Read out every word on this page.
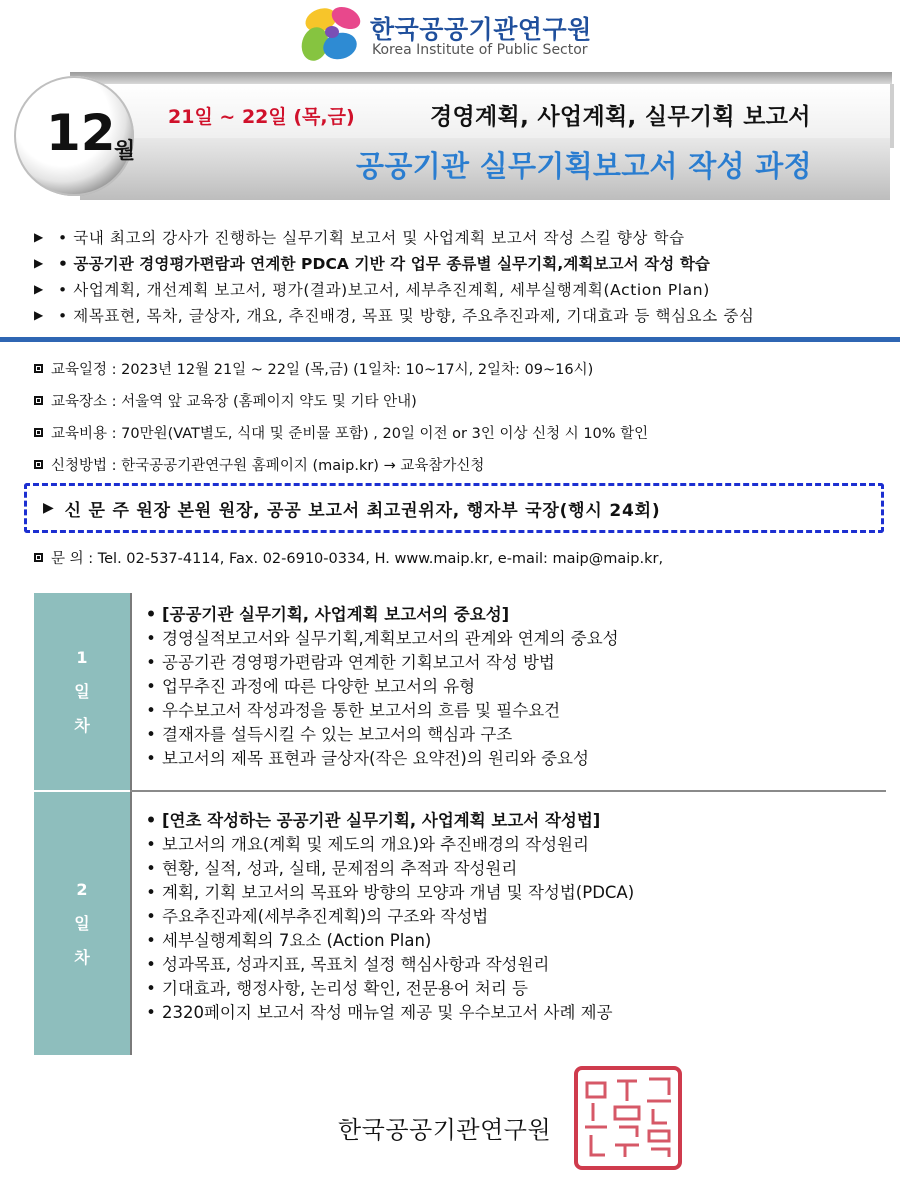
한국공공기관연구원
Korea Institute of Public Sector
12
월
21일 ~ 22일 (목,금)	경영계획, 사업계획, 실무기획 보고서
공공기관 실무기획보고서 작성 과정
▶ • 국내 최고의 강사가 진행하는 실무기획 보고서 및 사업계획 보고서 작성 스킬 향상 학습
▶ • 공공기관 경영평가편람과 연계한 PDCA 기반 각 업무 종류별 실무기획,계획보고서 작성 학습
▶ • 사업계획, 개선계획 보고서, 평가(결과)보고서, 세부추진계획, 세부실행계획(Action Plan)
▶ • 제목표현, 목차, 글상자, 개요, 추진배경, 목표 및 방향, 주요추진과제, 기대효과 등 핵심요소 중심
교육일정 : 2023년 12월 21일 ~ 22일 (목,금) (1일차: 10~17시, 2일차: 09~16시)
교육장소 : 서울역 앞 교육장 (홈페이지 약도 및 기타 안내)
교육비용 : 70만원(VAT별도, 식대 및 준비물 포함) , 20일 이전 or 3인 이상 신청 시 10% 할인
신청방법 : 한국공공기관연구원 홈페이지 (maip.kr) → 교육참가신청
▶ 신 문 주 원장 본원 원장, 공공 보고서 최고권위자, 행자부 국장(행시 24회)
문 의 : Tel. 02-537-4114, Fax. 02-6910-0334, H. www.maip.kr, e-mail: maip@maip.kr,
1
일
차
• [공공기관 실무기획, 사업계획 보고서의 중요성]
• 경영실적보고서와 실무기획,계획보고서의 관계와 연계의 중요성
• 공공기관 경영평가편람과 연계한 기획보고서 작성 방법
• 업무추진 과정에 따른 다양한 보고서의 유형
• 우수보고서 작성과정을 통한 보고서의 흐름 및 필수요건
• 결재자를 설득시킬 수 있는 보고서의 핵심과 구조
• 보고서의 제목 표현과 글상자(작은 요약전)의 원리와 중요성
2
일
차
• [연초 작성하는 공공기관 실무기획, 사업계획 보고서 작성법]
• 보고서의 개요(계획 및 제도의 개요)와 추진배경의 작성원리
• 현황, 실적, 성과, 실태, 문제점의 추적과 작성원리
• 계획, 기획 보고서의 목표와 방향의 모양과 개념 및 작성법(PDCA)
• 주요추진과제(세부추진계획)의 구조와 작성법
• 세부실행계획의 7요소 (Action Plan)
• 성과목표, 성과지표, 목표치 설정 핵심사항과 작성원리
• 기대효과, 행정사항, 논리성 확인, 전문용어 처리 등
• 2320페이지 보고서 작성 매뉴얼 제공 및 우수보고서 사례 제공
한국공공기관연구원
